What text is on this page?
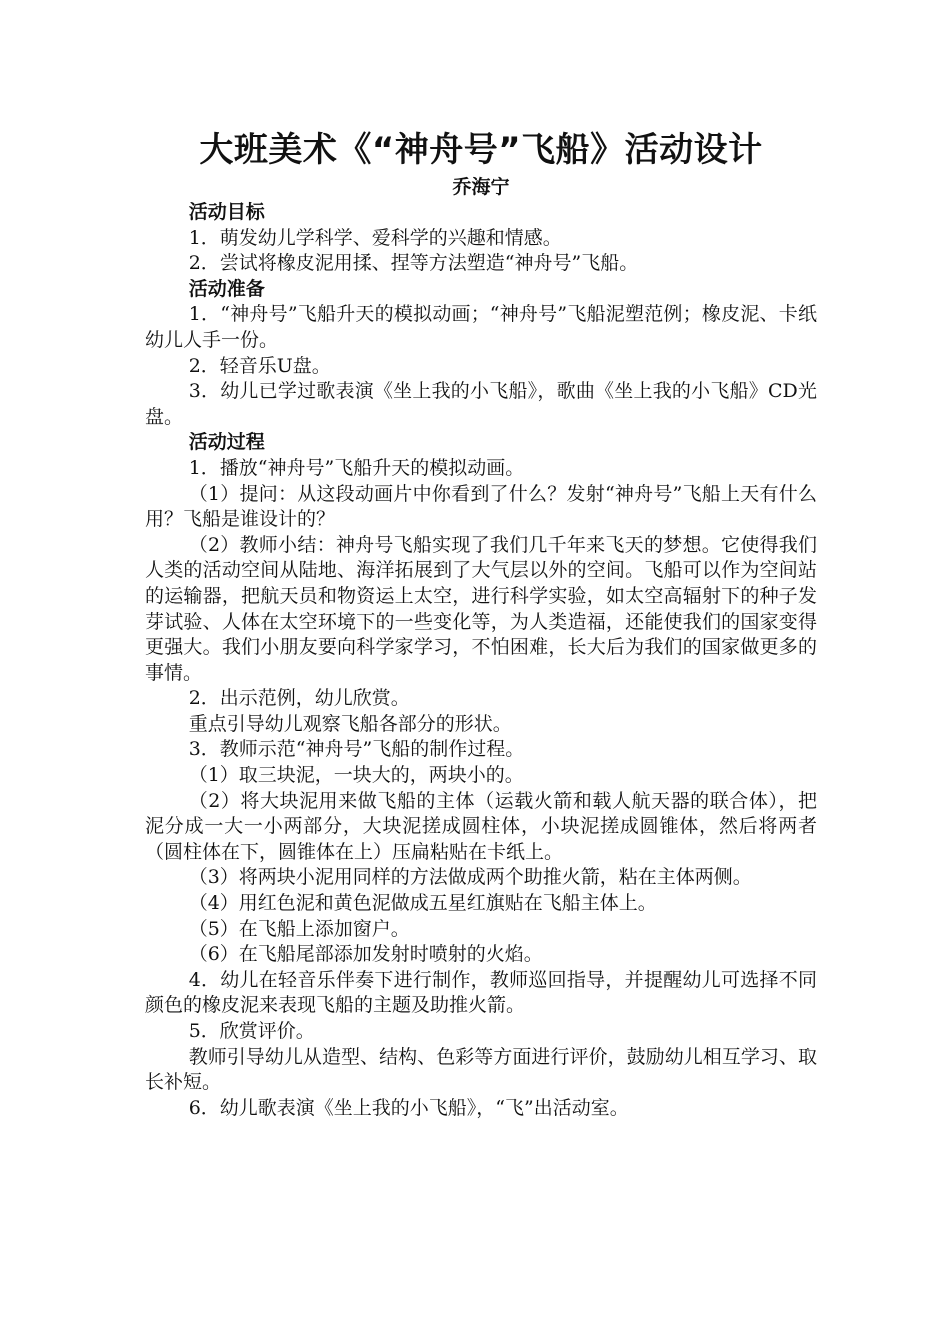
大班美术《“神舟号”飞船》活动设计
乔海宁
活动目标

1．萌发幼儿学科学、爱科学的兴趣和情感。

2．尝试将橡皮泥用揉、捏等方法塑造“神舟号”飞船。

活动准备

1．“神舟号”飞船升天的模拟动画；“神舟号”飞船泥塑范例；橡皮泥、卡纸幼儿人手一份。

2．轻音乐U盘。

3．幼儿已学过歌表演《坐上我的小飞船》，歌曲《坐上我的小飞船》CD光盘。

活动过程

1．播放“神舟号”飞船升天的模拟动画。

（1）提问：从这段动画片中你看到了什么？发射“神舟号”飞船上天有什么用？飞船是谁设计的？

（2）教师小结：神舟号飞船实现了我们几千年来飞天的梦想。它使得我们人类的活动空间从陆地、海洋拓展到了大气层以外的空间。飞船可以作为空间站的运输器，把航天员和物资运上太空，进行科学实验，如太空高辐射下的种子发芽试验、人体在太空环境下的一些变化等，为人类造福，还能使我们的国家变得更强大。我们小朋友要向科学家学习，不怕困难，长大后为我们的国家做更多的事情。

2．出示范例，幼儿欣赏。

重点引导幼儿观察飞船各部分的形状。

3．教师示范“神舟号”飞船的制作过程。

（1）取三块泥，一块大的，两块小的。

（2）将大块泥用来做飞船的主体（运载火箭和载人航天器的联合体），把泥分成一大一小两部分，大块泥搓成圆柱体，小块泥搓成圆锥体，然后将两者（圆柱体在下，圆锥体在上）压扁粘贴在卡纸上。

（3）将两块小泥用同样的方法做成两个助推火箭，粘在主体两侧。

（4）用红色泥和黄色泥做成五星红旗贴在飞船主体上。

（5）在飞船上添加窗户。

（6）在飞船尾部添加发射时喷射的火焰。

4．幼儿在轻音乐伴奏下进行制作，教师巡回指导，并提醒幼儿可选择不同颜色的橡皮泥来表现飞船的主题及助推火箭。

5．欣赏评价。

教师引导幼儿从造型、结构、色彩等方面进行评价，鼓励幼儿相互学习、取长补短。

6．幼儿歌表演《坐上我的小飞船》，“飞”出活动室。
